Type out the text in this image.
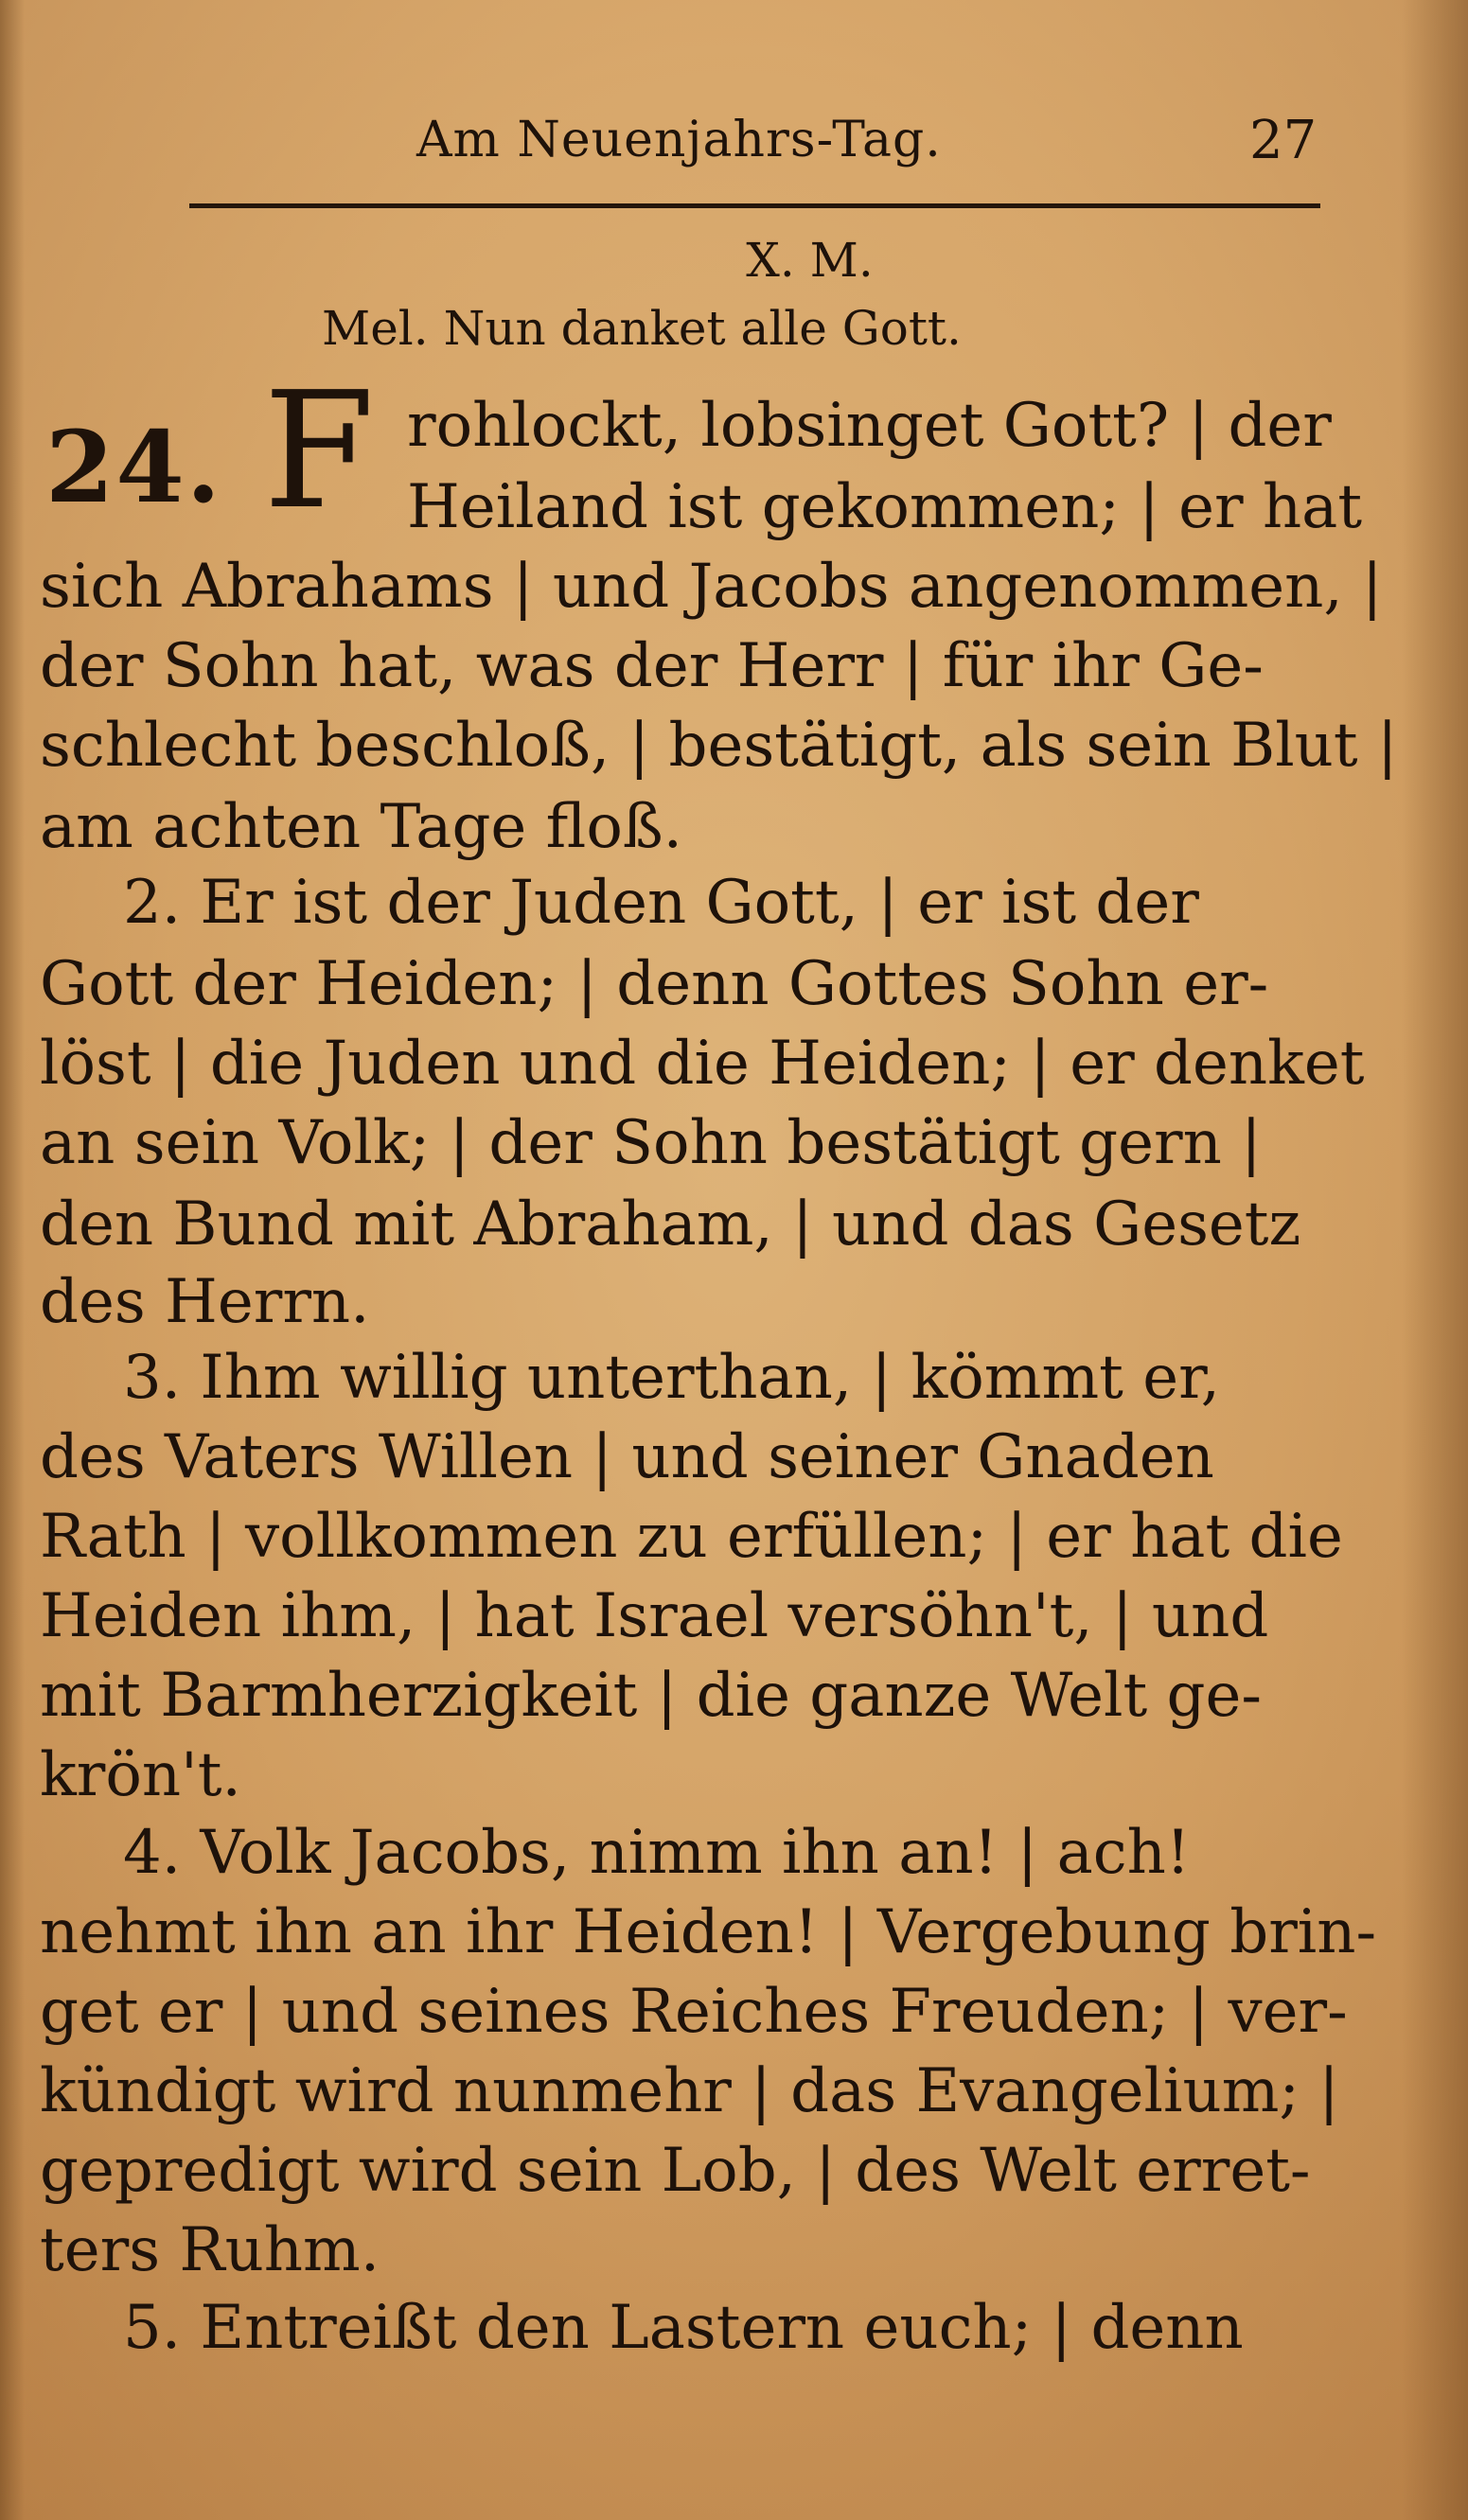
Am Neuenjahrs-Tag.	27
X. M.
Mel. Nun danket alle Gott.
24. F rohlockt, lobsinget Gott? | der
Heiland ist gekommen; | er hat
sich Abrahams | und Jacobs angenommen, |
der Sohn hat, was der Herr | für ihr Ge-
schlecht beschloß, | bestätigt, als sein Blut |
am achten Tage floß.
2. Er ist der Juden Gott, | er ist der
Gott der Heiden; | denn Gottes Sohn er-
löst | die Juden und die Heiden; | er denket
an sein Volk; | der Sohn bestätigt gern |
den Bund mit Abraham, | und das Gesetz
des Herrn.
3. Ihm willig unterthan, | kömmt er,
des Vaters Willen | und seiner Gnaden
Rath | vollkommen zu erfüllen; | er hat die
Heiden ihm, | hat Israel versöhn't, | und
mit Barmherzigkeit | die ganze Welt ge-
krön't.
4. Volk Jacobs, nimm ihn an! | ach!
nehmt ihn an ihr Heiden! | Vergebung brin-
get er | und seines Reiches Freuden; | ver-
kündigt wird nunmehr | das Evangelium; |
gepredigt wird sein Lob, | des Welt erret-
ters Ruhm.
5. Entreißt den Lastern euch; | denn
